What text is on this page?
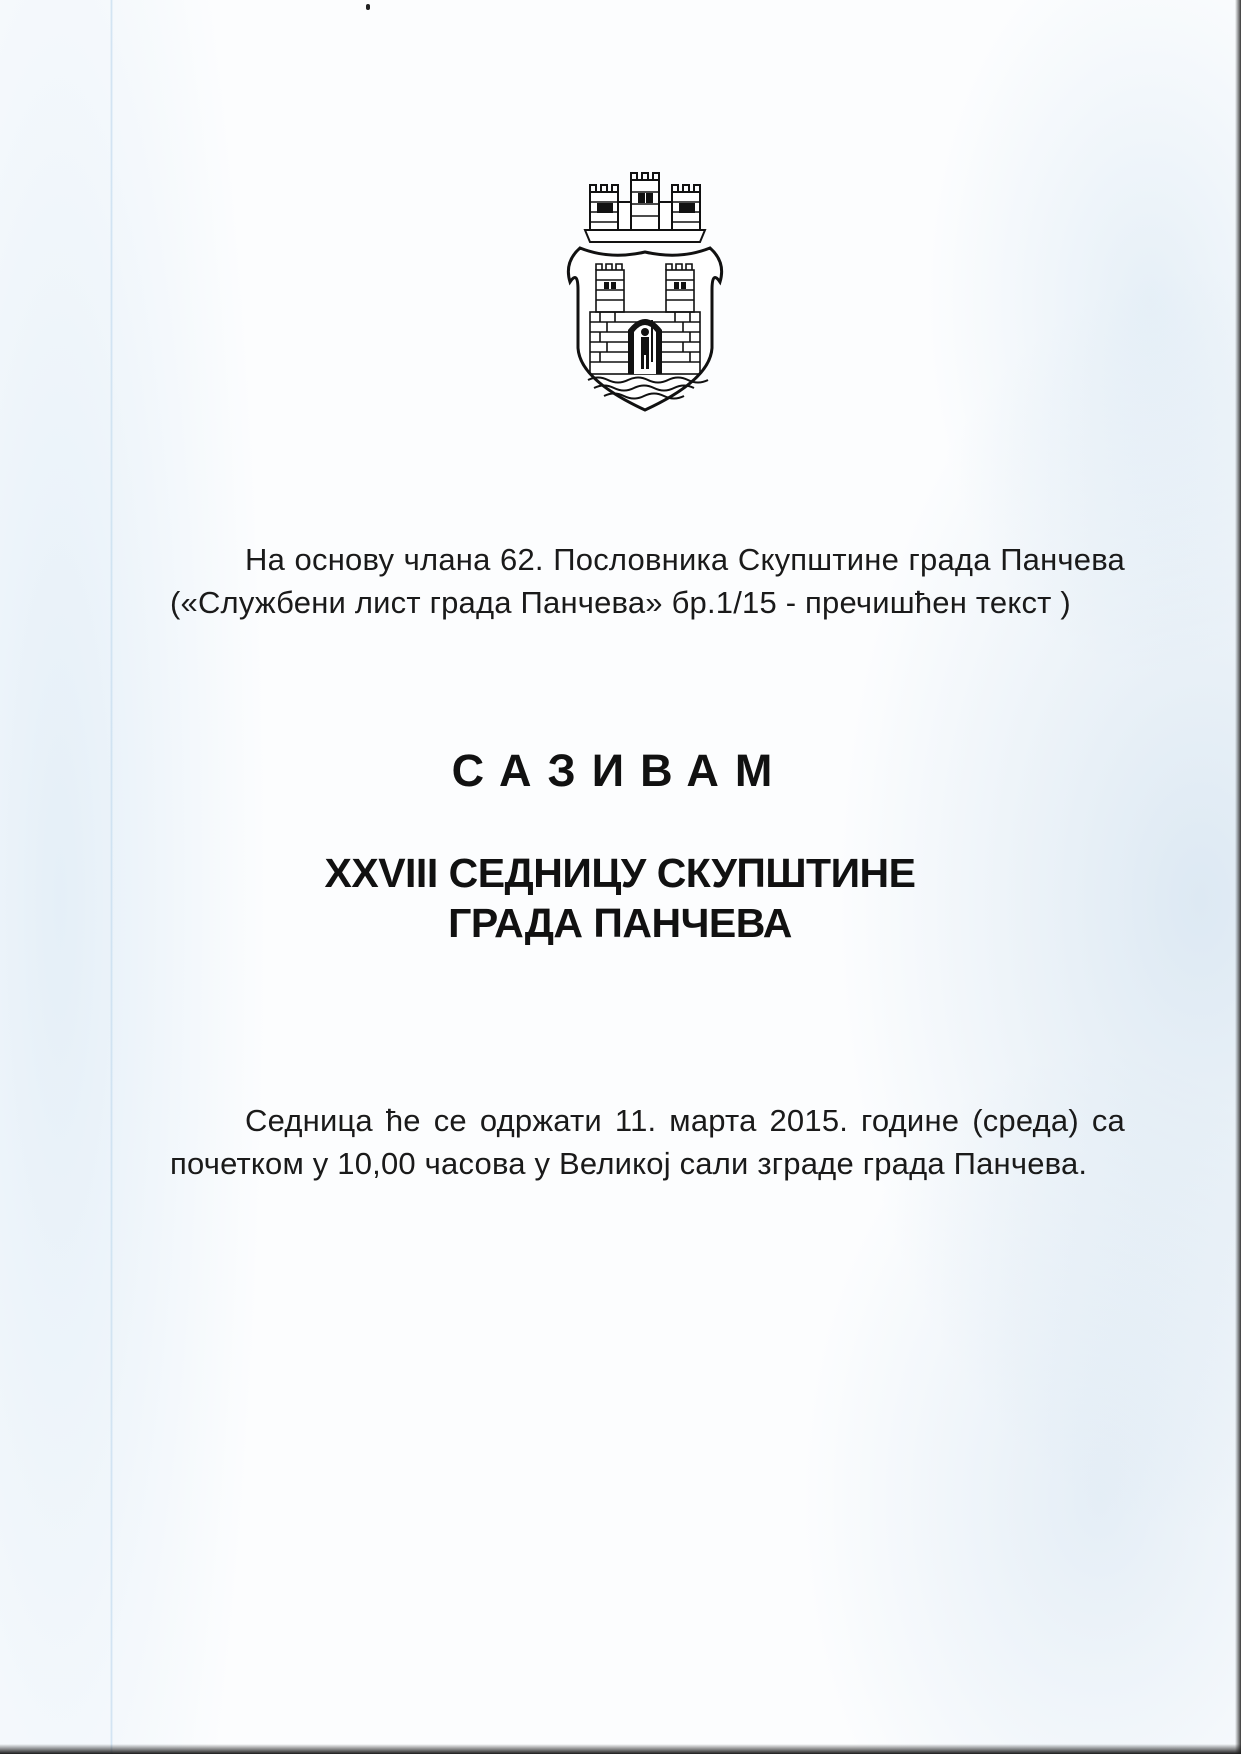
На основу члана 62. Пословника Скупштине града Панчева («Службени лист града Панчева» бр.1/15 - пречишћен текст )
САЗИВАМ
XXVIII СЕДНИЦУ СКУПШТИНЕ
ГРАДА ПАНЧЕВА
Седница ће се одржати 11. марта 2015. године (среда) са почетком у 10,00 часова у Великој сали зграде града Панчева.
